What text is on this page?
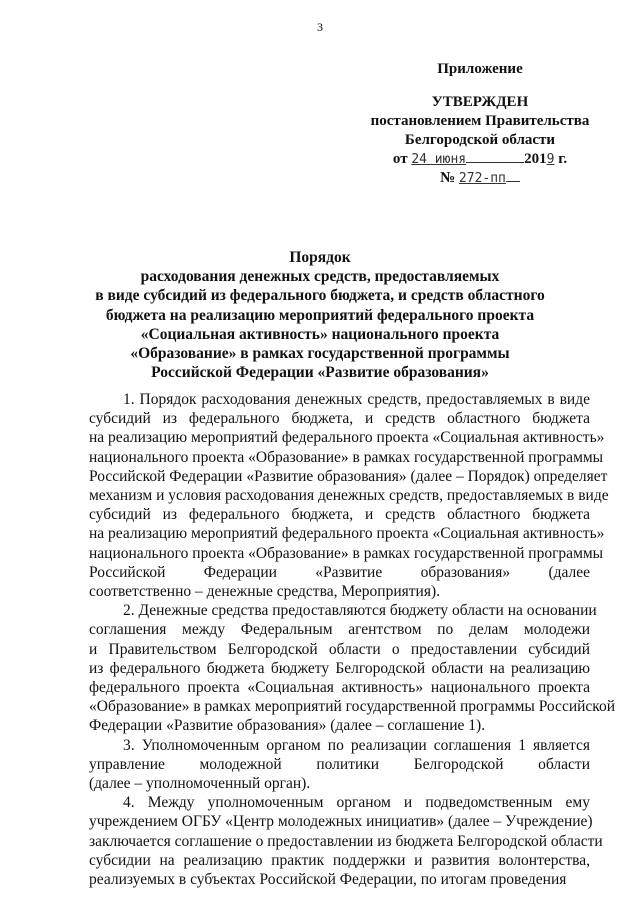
3
Приложение
УТВЕРЖДЕН
постановлением Правительства
Белгородской области
от 24 июня	2019 г.
№ 272-пп
Порядок
расходования денежных средств, предоставляемых
в виде субсидий из федерального бюджета, и средств областного
бюджета на реализацию мероприятий федерального проекта
«Социальная активность» национального проекта
«Образование» в рамках государственной программы
Российской Федерации «Развитие образования»
1. Порядок расходования денежных средств, предоставляемых в виде
субсидий из федерального бюджета, и средств областного бюджета
на реализацию мероприятий федерального проекта «Социальная активность»
национального проекта «Образование» в рамках государственной программы
Российской Федерации «Развитие образования» (далее – Порядок) определяет
механизм и условия расходования денежных средств, предоставляемых в виде
субсидий из федерального бюджета, и средств областного бюджета
на реализацию мероприятий федерального проекта «Социальная активность»
национального проекта «Образование» в рамках государственной программы
Российской Федерации «Развитие образования» (далее
соответственно – денежные средства, Мероприятия).
2. Денежные средства предоставляются бюджету области на основании
соглашения между Федеральным агентством по делам молодежи
и Правительством Белгородской области о предоставлении субсидий
из федерального бюджета бюджету Белгородской области на реализацию
федерального проекта «Социальная активность» национального проекта
«Образование» в рамках мероприятий государственной программы Российской
Федерации «Развитие образования» (далее – соглашение 1).
3. Уполномоченным органом по реализации соглашения 1 является
управление молодежной политики Белгородской области
(далее – уполномоченный орган).
4. Между уполномоченным органом и подведомственным ему
учреждением ОГБУ «Центр молодежных инициатив» (далее – Учреждение)
заключается соглашение о предоставлении из бюджета Белгородской области
субсидии на реализацию практик поддержки и развития волонтерства,
реализуемых в субъектах Российской Федерации, по итогам проведения
